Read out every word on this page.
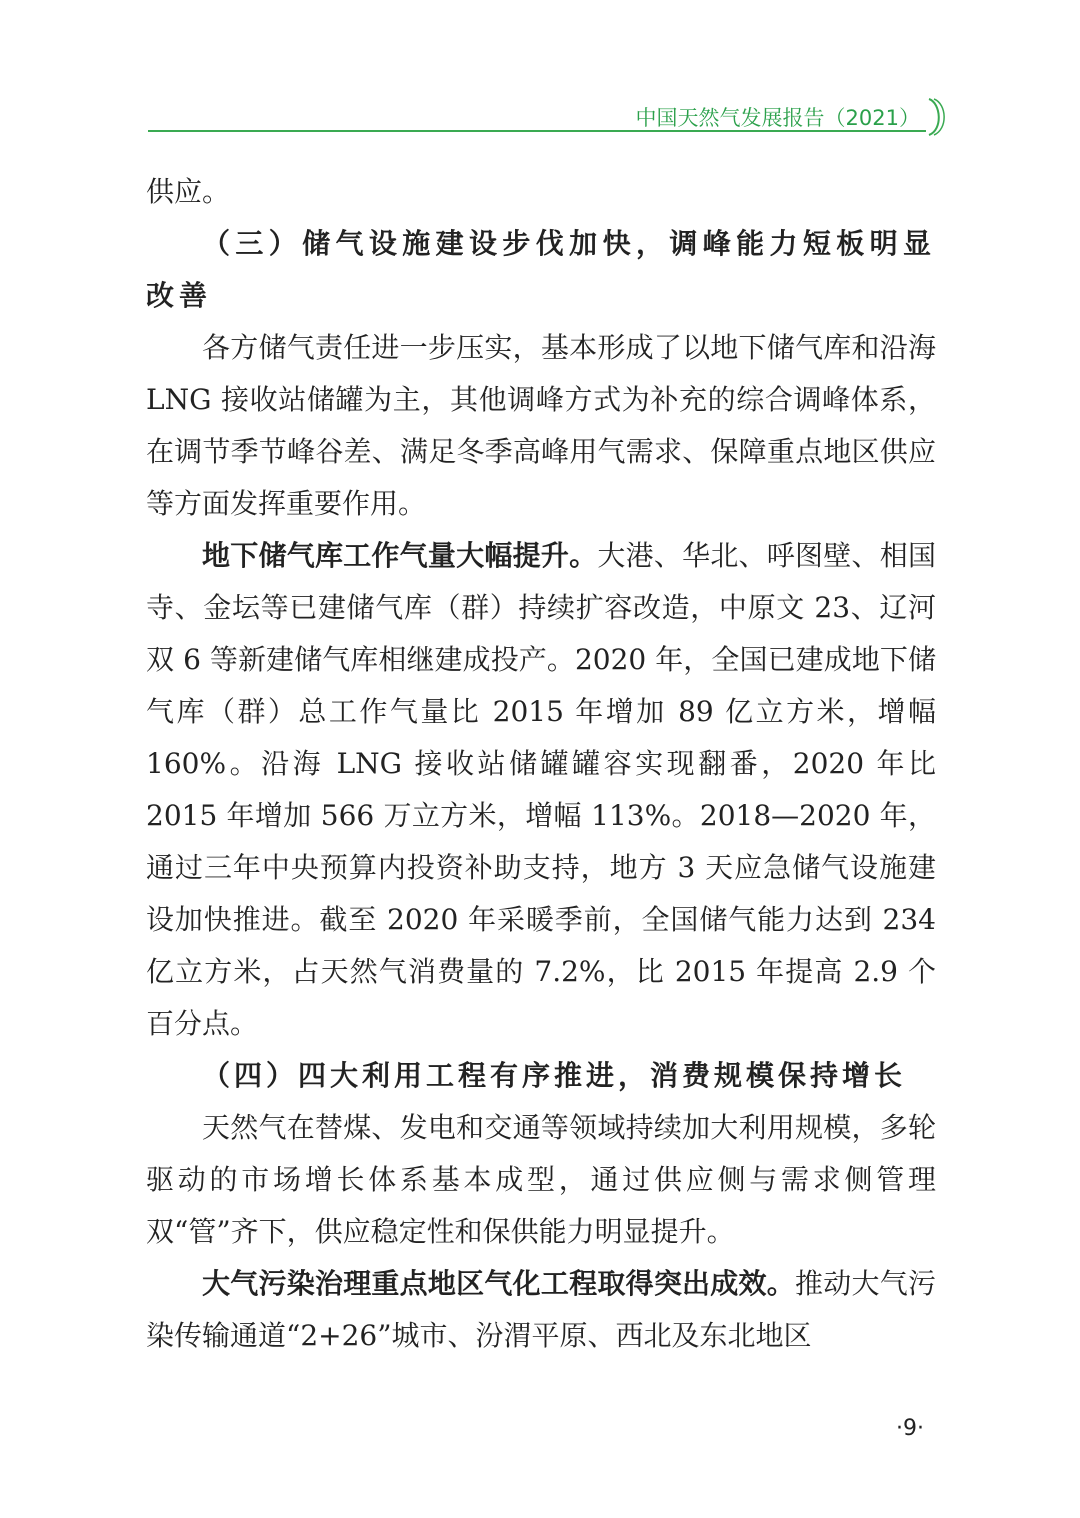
中国天然气发展报告（2021）

供应。

（三）储气设施建设步伐加快，调峰能力短板明显改善

各方储气责任进一步压实，基本形成了以地下储气库和沿海 LNG 接收站储罐为主，其他调峰方式为补充的综合调峰体系，在调节季节峰谷差、满足冬季高峰用气需求、保障重点地区供应等方面发挥重要作用。

地下储气库工作气量大幅提升。大港、华北、呼图壁、相国寺、金坛等已建储气库（群）持续扩容改造，中原文 23、辽河双 6 等新建储气库相继建成投产。2020 年，全国已建成地下储气库（群）总工作气量比 2015 年增加 89 亿立方米，增幅 160%。沿海 LNG 接收站储罐罐容实现翻番，2020 年比 2015 年增加 566 万立方米，增幅 113%。2018—2020 年，通过三年中央预算内投资补助支持，地方 3 天应急储气设施建设加快推进。截至 2020 年采暖季前，全国储气能力达到 234 亿立方米，占天然气消费量的 7.2%，比 2015 年提高 2.9 个百分点。

（四）四大利用工程有序推进，消费规模保持增长

天然气在替煤、发电和交通等领域持续加大利用规模，多轮驱动的市场增长体系基本成型，通过供应侧与需求侧管理双“管”齐下，供应稳定性和保供能力明显提升。

大气污染治理重点地区气化工程取得突出成效。推动大气污染传输通道“2+26”城市、汾渭平原、西北及东北地区

·9·
